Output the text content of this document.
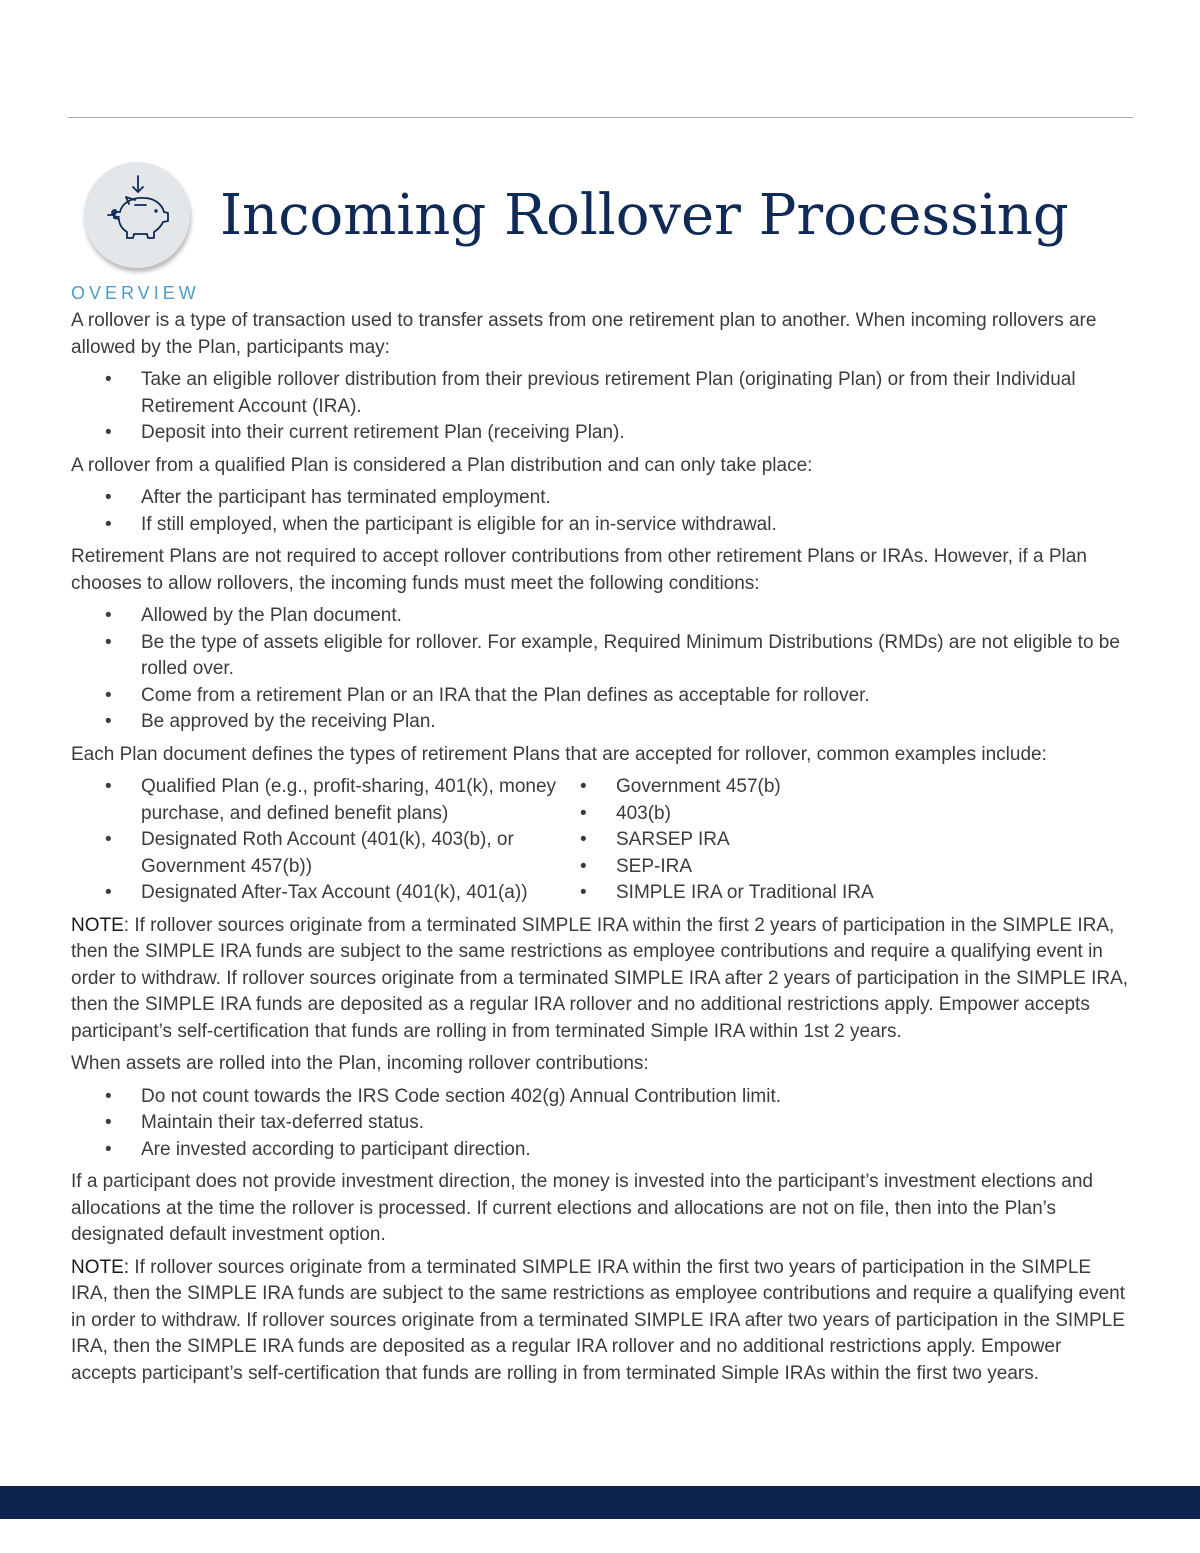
Incoming Rollover Processing
OVERVIEW

A rollover is a type of transaction used to transfer assets from one retirement plan to another. When incoming rollovers are allowed by the Plan, participants may:

• Take an eligible rollover distribution from their previous retirement Plan (originating Plan) or from their Individual Retirement Account (IRA).
• Deposit into their current retirement Plan (receiving Plan).

A rollover from a qualified Plan is considered a Plan distribution and can only take place:

• After the participant has terminated employment.
• If still employed, when the participant is eligible for an in-service withdrawal.

Retirement Plans are not required to accept rollover contributions from other retirement Plans or IRAs. However, if a Plan chooses to allow rollovers, the incoming funds must meet the following conditions:

• Allowed by the Plan document.
• Be the type of assets eligible for rollover. For example, Required Minimum Distributions (RMDs) are not eligible to be rolled over.
• Come from a retirement Plan or an IRA that the Plan defines as acceptable for rollover.
• Be approved by the receiving Plan.

Each Plan document defines the types of retirement Plans that are accepted for rollover, common examples include:

• Qualified Plan (e.g., profit-sharing, 401(k), money purchase, and defined benefit plans)
• Designated Roth Account (401(k), 403(b), or Government 457(b))
• Designated After-Tax Account (401(k), 401(a))
• Government 457(b)
• 403(b)
• SARSEP IRA
• SEP-IRA
• SIMPLE IRA or Traditional IRA

NOTE: If rollover sources originate from a terminated SIMPLE IRA within the first 2 years of participation in the SIMPLE IRA, then the SIMPLE IRA funds are subject to the same restrictions as employee contributions and require a qualifying event in order to withdraw. If rollover sources originate from a terminated SIMPLE IRA after 2 years of participation in the SIMPLE IRA, then the SIMPLE IRA funds are deposited as a regular IRA rollover and no additional restrictions apply. Empower accepts participant’s self-certification that funds are rolling in from terminated Simple IRA within 1st 2 years.

When assets are rolled into the Plan, incoming rollover contributions:

• Do not count towards the IRS Code section 402(g) Annual Contribution limit.
• Maintain their tax-deferred status.
• Are invested according to participant direction.

If a participant does not provide investment direction, the money is invested into the participant’s investment elections and allocations at the time the rollover is processed. If current elections and allocations are not on file, then into the Plan’s designated default investment option.

NOTE: If rollover sources originate from a terminated SIMPLE IRA within the first two years of participation in the SIMPLE IRA, then the SIMPLE IRA funds are subject to the same restrictions as employee contributions and require a qualifying event in order to withdraw. If rollover sources originate from a terminated SIMPLE IRA after two years of participation in the SIMPLE IRA, then the SIMPLE IRA funds are deposited as a regular IRA rollover and no additional restrictions apply. Empower accepts participant’s self-certification that funds are rolling in from terminated Simple IRAs within the first two years.
